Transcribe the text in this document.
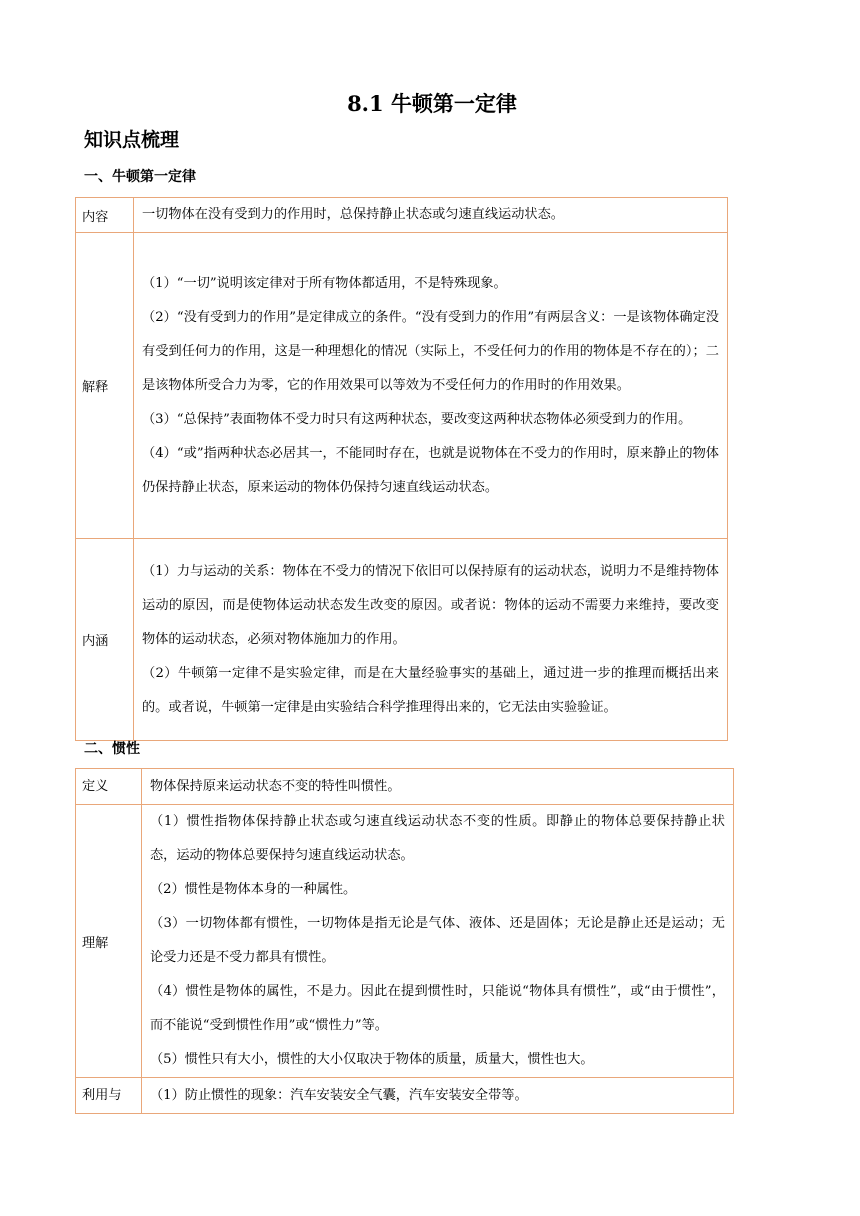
8.1 牛顿第一定律
知识点梳理
一、牛顿第一定律
内容	一切物体在没有受到力的作用时，总保持静止状态或匀速直线运动状态。

解释	（1）“一切”说明该定律对于所有物体都适用，不是特殊现象。
（2）“没有受到力的作用”是定律成立的条件。“没有受到力的作用”有两层含义：一是该物体确定没有受到任何力的作用，这是一种理想化的情况（实际上，不受任何力的作用的物体是不存在的）；二是该物体所受合力为零，它的作用效果可以等效为不受任何力的作用时的作用效果。
（3）“总保持”表面物体不受力时只有这两种状态，要改变这两种状态物体必须受到力的作用。
（4）“或”指两种状态必居其一，不能同时存在，也就是说物体在不受力的作用时，原来静止的物体仍保持静止状态，原来运动的物体仍保持匀速直线运动状态。

内涵	（1）力与运动的关系：物体在不受力的情况下依旧可以保持原有的运动状态，说明力不是维持物体运动的原因，而是使物体运动状态发生改变的原因。或者说：物体的运动不需要力来维持，要改变物体的运动状态，必须对物体施加力的作用。
（2）牛顿第一定律不是实验定律，而是在大量经验事实的基础上，通过进一步的推理而概括出来的。或者说，牛顿第一定律是由实验结合科学推理得出来的，它无法由实验验证。
二、惯性
定义	物体保持原来运动状态不变的特性叫惯性。

理解	（1）惯性指物体保持静止状态或匀速直线运动状态不变的性质。即静止的物体总要保持静止状态，运动的物体总要保持匀速直线运动状态。
（2）惯性是物体本身的一种属性。
（3）一切物体都有惯性，一切物体是指无论是气体、液体、还是固体；无论是静止还是运动；无论受力还是不受力都具有惯性。
（4）惯性是物体的属性，不是力。因此在提到惯性时，只能说“物体具有惯性”，或“由于惯性”，而不能说“受到惯性作用”或“惯性力”等。
（5）惯性只有大小，惯性的大小仅取决于物体的质量，质量大，惯性也大。

利用与	（1）防止惯性的现象：汽车安装安全气囊，汽车安装安全带等。
